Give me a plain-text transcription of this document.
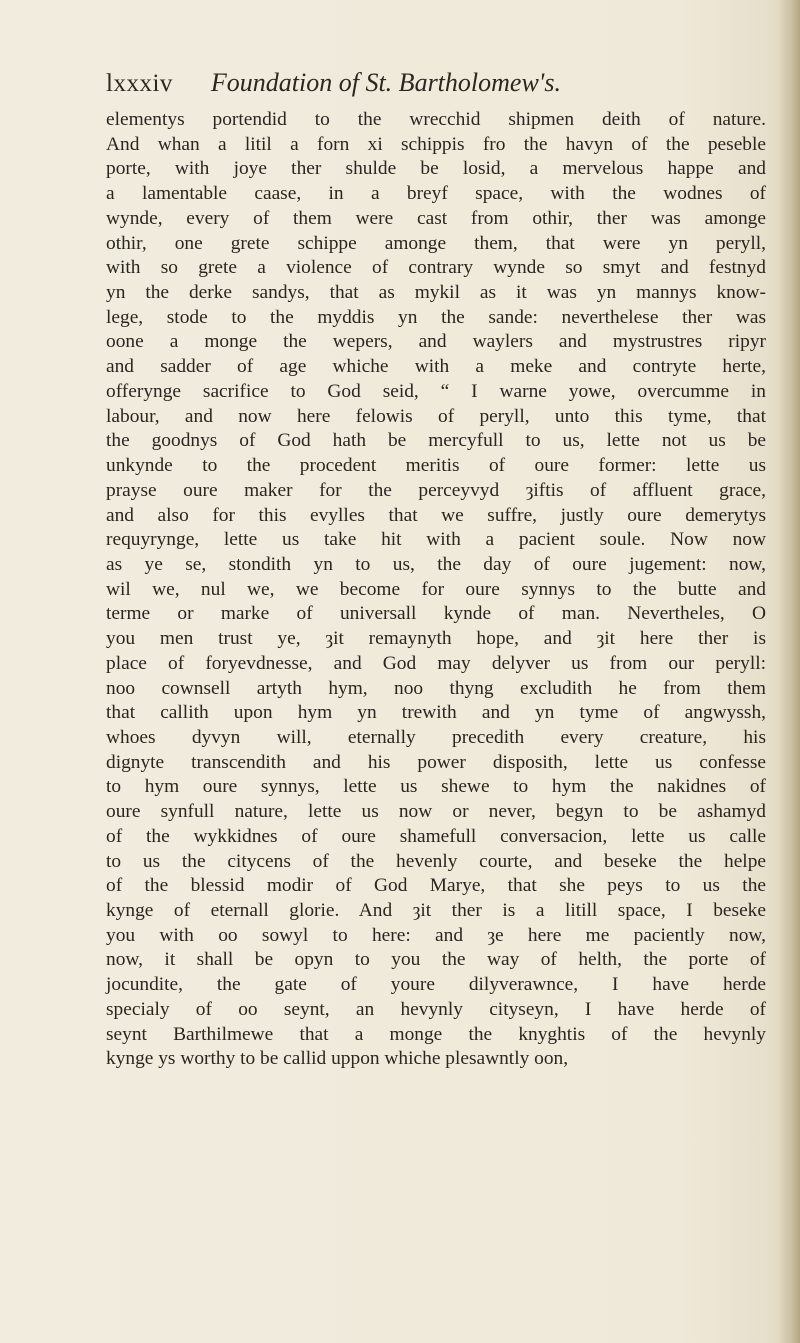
lxxxiv Foundation of St. Bartholomew's.
elementys portendid to the wrecchid shipmen deith of nature.
And whan a litil a forn xi schippis fro the havyn of the peseble
porte, with joye ther shulde be losid, a mervelous happe and
a lamentable caase, in a breyf space, with the wodnes of
wynde, every of them were cast from othir, ther was amonge
othir, one grete schippe amonge them, that were yn peryll,
with so grete a violence of contrary wynde so smyt and festnyd
yn the derke sandys, that as mykil as it was yn mannys know-
lege, stode to the myddis yn the sande: neverthelese ther was
oone a monge the wepers, and waylers and mystrustres ripyr
and sadder of age whiche with a meke and contryte herte,
offerynge sacrifice to God seid, “ I warne yowe, overcumme in
labour, and now here felowis of peryll, unto this tyme, that
the goodnys of God hath be mercyfull to us, lette not us be
unkynde to the procedent meritis of oure former: lette us
prayse oure maker for the perceyvyd ȝiftis of affluent grace,
and also for this evylles that we suffre, justly oure demerytys
requyrynge, lette us take hit with a pacient soule. Now now
as ye se, stondith yn to us, the day of oure jugement: now,
wil we, nul we, we become for oure synnys to the butte and
terme or marke of universall kynde of man. Nevertheles, O
you men trust ye, ȝit remaynyth hope, and ȝit here ther is
place of foryevdnesse, and God may delyver us from our peryll:
noo cownsell artyth hym, noo thyng excludith he from them
that callith upon hym yn trewith and yn tyme of angwyssh,
whoes dyvyn will, eternally precedith every creature, his
dignyte transcendith and his power disposith, lette us confesse
to hym oure synnys, lette us shewe to hym the nakidnes of
oure synfull nature, lette us now or never, begyn to be ashamyd
of the wykkidnes of oure shamefull conversacion, lette us calle
to us the citycens of the hevenly courte, and beseke the helpe
of the blessid modir of God Marye, that she peys to us the
kynge of eternall glorie. And ȝit ther is a litill space, I beseke
you with oo sowyl to here: and ȝe here me paciently now,
now, it shall be opyn to you the way of helth, the porte of
jocundite, the gate of youre dilyverawnce, I have herde
specialy of oo seynt, an hevynly cityseyn, I have herde of
seynt Barthilmewe that a monge the knyghtis of the hevynly
kynge ys worthy to be callid uppon whiche plesawntly oon,
